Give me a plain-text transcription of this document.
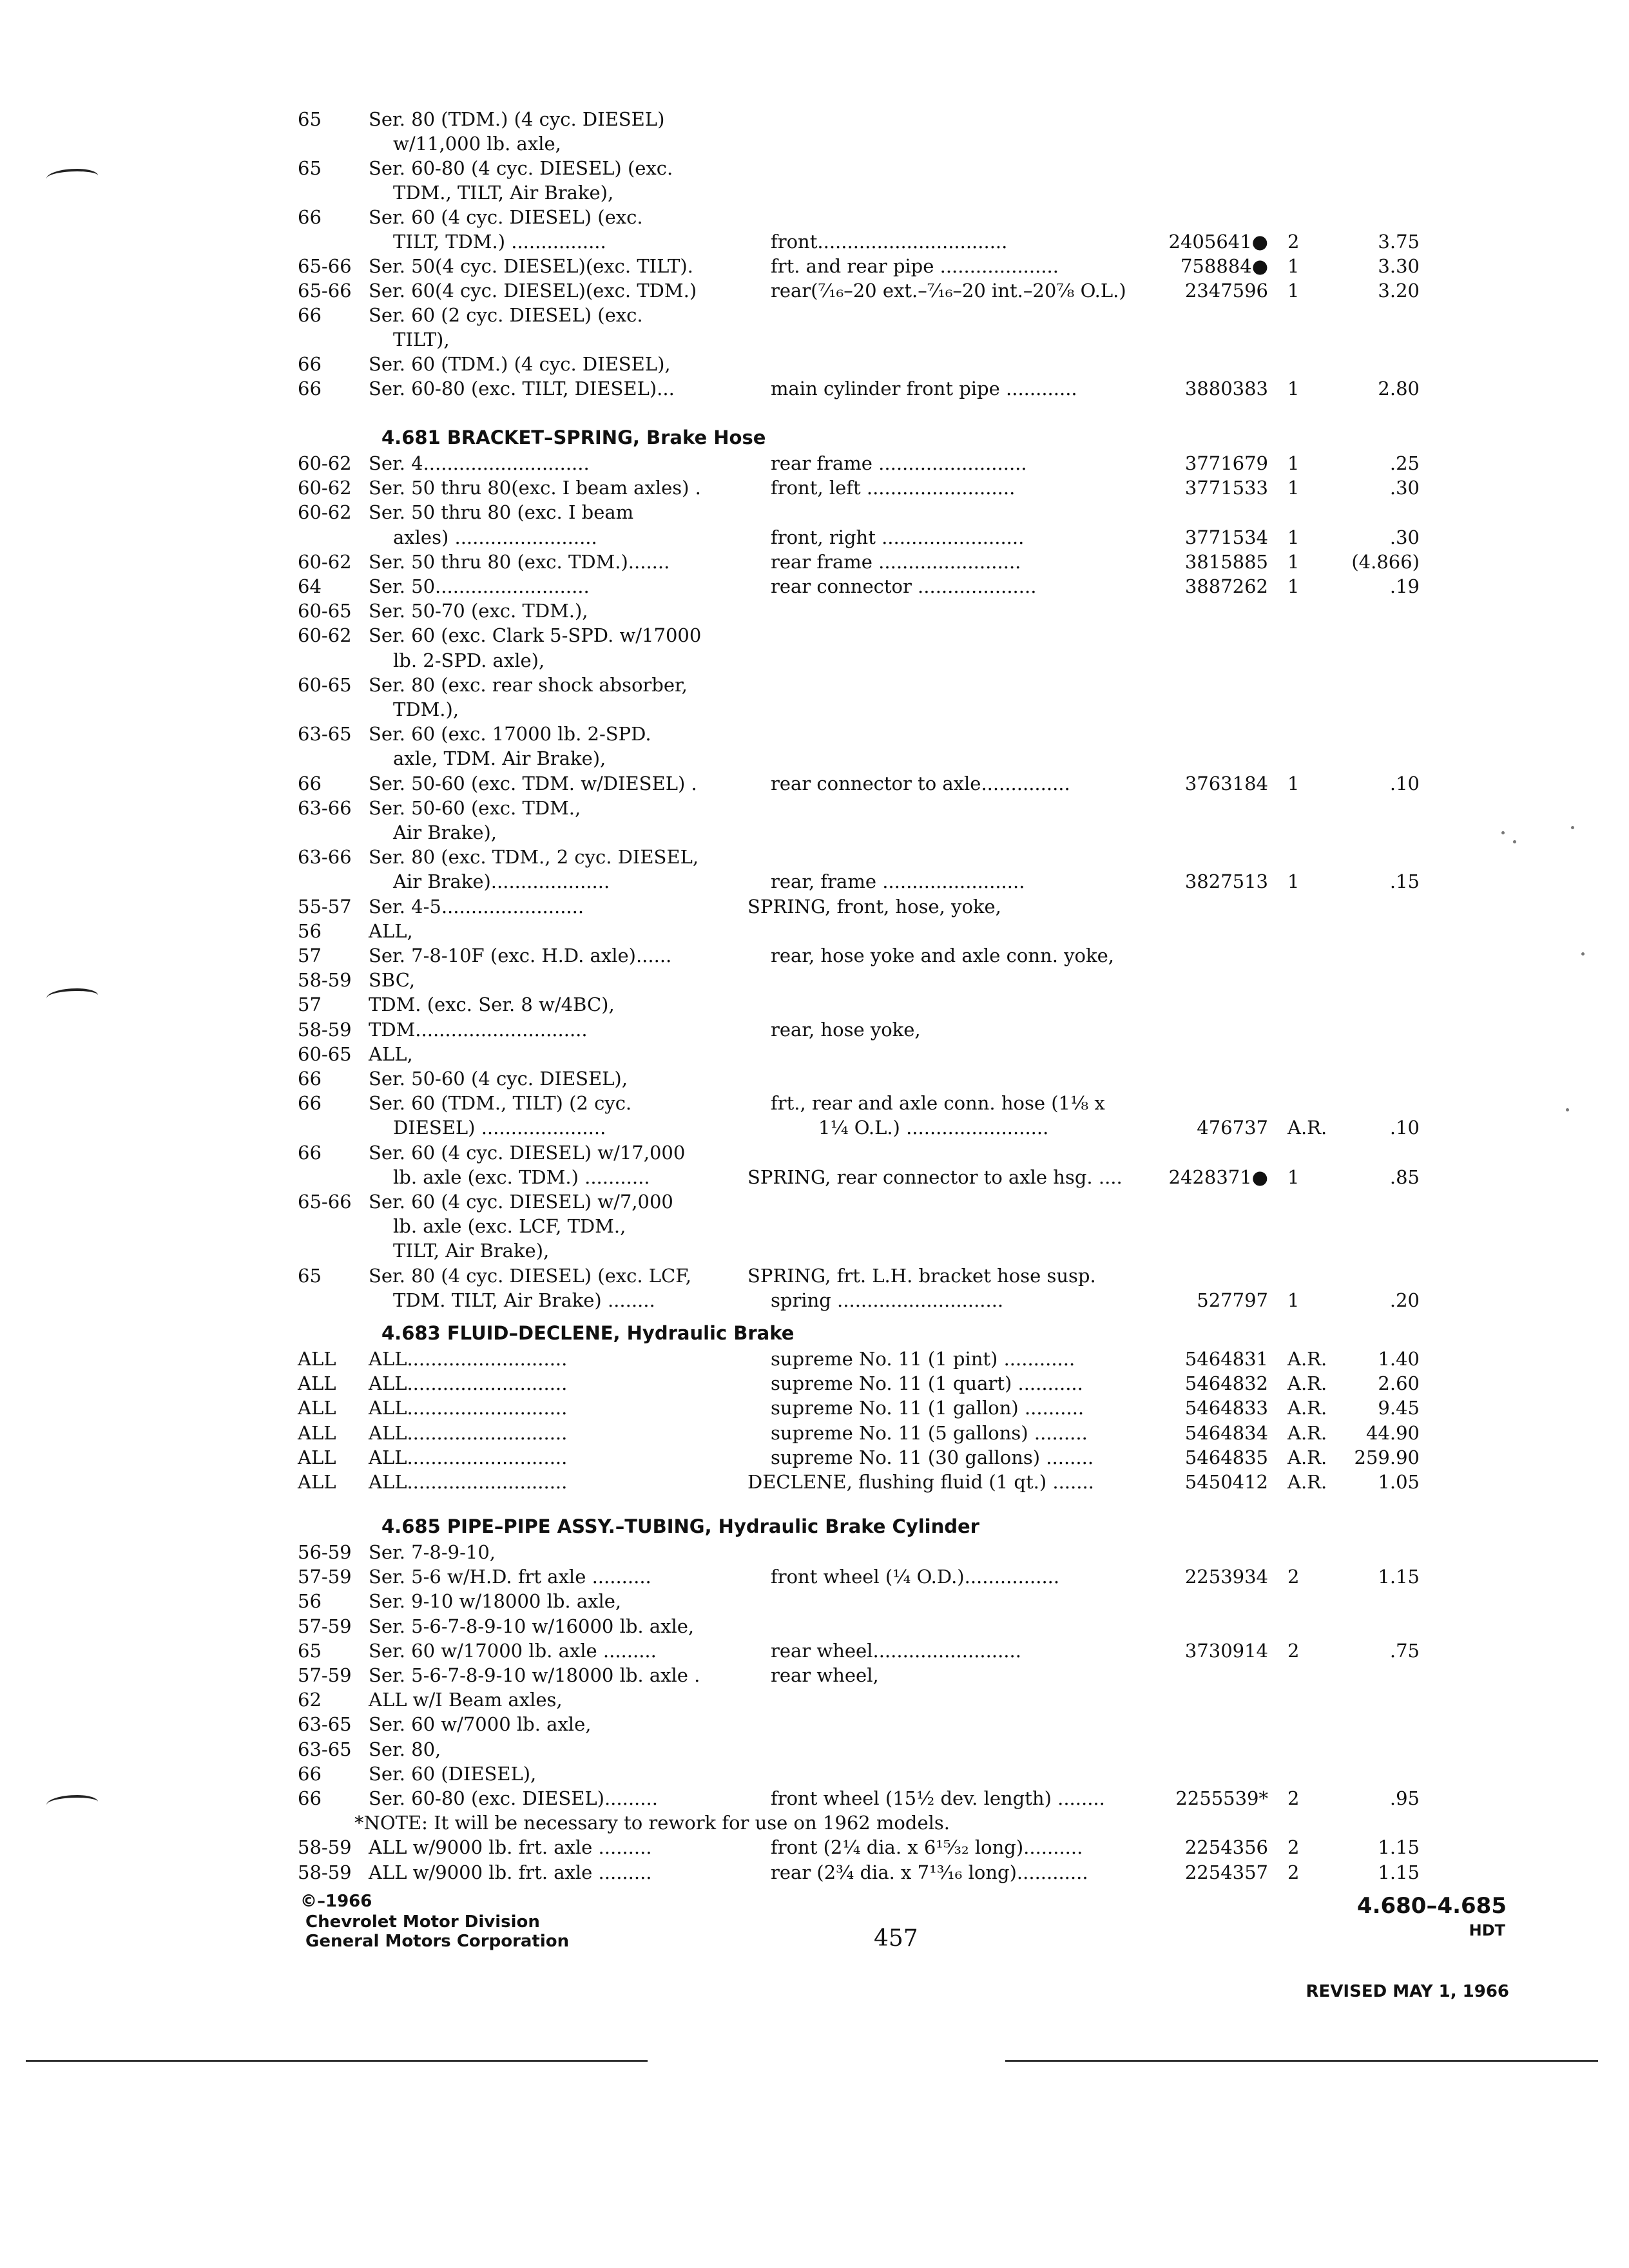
65	Ser. 80 (TDM.) (4 cyc. DIESEL)
w/11,000 lb. axle,
65	Ser. 60-80 (4 cyc. DIESEL) (exc.
TDM., TILT, Air Brake),
66	Ser. 60 (4 cyc. DIESEL) (exc.
TILT, TDM.) ................	front................................	2405641● 2	3.75
65-66 Ser. 50(4 cyc. DIESEL)(exc. TILT).	frt. and rear pipe ....................	758884● 1	3.30
65-66 Ser. 60(4 cyc. DIESEL)(exc. TDM.)	rear(⁷⁄₁₆–20 ext.–⁷⁄₁₆–20 int.–20⁷⁄₈ O.L.)	2347596 1	3.20
66	Ser. 60 (2 cyc. DIESEL) (exc.
TILT),
66	Ser. 60 (TDM.) (4 cyc. DIESEL),
66	Ser. 60-80 (exc. TILT, DIESEL)...	main cylinder front pipe ............	3880383 1	2.80
4.681 BRACKET–SPRING, Brake Hose
60-62 Ser. 4............................	rear frame .........................	3771679 1	.25
60-62 Ser. 50 thru 80(exc. I beam axles) .	front, left .........................	3771533 1	.30
60-62 Ser. 50 thru 80 (exc. I beam
axles) ........................	front, right ........................	3771534 1	.30
60-62 Ser. 50 thru 80 (exc. TDM.).......	rear frame ........................	3815885 1	(4.866)
64	Ser. 50..........................	rear connector ....................	3887262 1	.19
60-65 Ser. 50-70 (exc. TDM.),
60-62 Ser. 60 (exc. Clark 5-SPD. w/17000
lb. 2-SPD. axle),
60-65 Ser. 80 (exc. rear shock absorber,
TDM.),
63-65 Ser. 60 (exc. 17000 lb. 2-SPD.
axle, TDM. Air Brake),
66	Ser. 50-60 (exc. TDM. w/DIESEL) .	rear connector to axle...............	3763184 1	.10
63-66 Ser. 50-60 (exc. TDM.,
Air Brake),
63-66 Ser. 80 (exc. TDM., 2 cyc. DIESEL,
Air Brake)....................	rear, frame ........................	3827513 1	.15
55-57 Ser. 4-5........................	SPRING, front, hose, yoke,
56	ALL,
57	Ser. 7-8-10F (exc. H.D. axle)......	rear, hose yoke and axle conn. yoke,
58-59 SBC,
57	TDM. (exc. Ser. 8 w/4BC),
58-59 TDM.............................	rear, hose yoke,
60-65 ALL,
66	Ser. 50-60 (4 cyc. DIESEL),
66	Ser. 60 (TDM., TILT) (2 cyc.	frt., rear and axle conn. hose (1⅛ x
DIESEL) .....................	1¼ O.L.) ........................	476737 A.R.	.10
66	Ser. 60 (4 cyc. DIESEL) w/17,000
lb. axle (exc. TDM.) ...........	SPRING, rear connector to axle hsg. .... 2428371● 1	.85
65-66 Ser. 60 (4 cyc. DIESEL) w/7,000
lb. axle (exc. LCF, TDM.,
TILT, Air Brake),
65	Ser. 80 (4 cyc. DIESEL) (exc. LCF,	SPRING, frt. L.H. bracket hose susp.
TDM. TILT, Air Brake) ........	spring ............................	527797 1	.20
4.683 FLUID–DECLENE, Hydraulic Brake
ALL ALL...........................	supreme No. 11 (1 pint) ............	5464831 A.R.	1.40
ALL ALL...........................	supreme No. 11 (1 quart) ...........	5464832 A.R.	2.60
ALL ALL...........................	supreme No. 11 (1 gallon) ..........	5464833 A.R.	9.45
ALL ALL...........................	supreme No. 11 (5 gallons) .........	5464834 A.R. 44.90
ALL ALL...........................	supreme No. 11 (30 gallons) ........	5464835 A.R. 259.90
ALL ALL...........................	DECLENE, flushing fluid (1 qt.) .......	5450412 A.R.	1.05
4.685 PIPE–PIPE ASSY.–TUBING, Hydraulic Brake Cylinder
56-59 Ser. 7-8-9-10,
57-59 Ser. 5-6 w/H.D. frt axle ..........	front wheel (¼ O.D.)................	2253934 2	1.15
56	Ser. 9-10 w/18000 lb. axle,
57-59 Ser. 5-6-7-8-9-10 w/16000 lb. axle,
65	Ser. 60 w/17000 lb. axle .........	rear wheel.........................	3730914 2	.75
57-59 Ser. 5-6-7-8-9-10 w/18000 lb. axle .	rear wheel,
62	ALL w/I Beam axles,
63-65 Ser. 60 w/7000 lb. axle,
63-65 Ser. 80,
66	Ser. 60 (DIESEL),
66	Ser. 60-80 (exc. DIESEL).........	front wheel (15½ dev. length) ........	2255539* 2	.95
*NOTE: It will be necessary to rework for use on 1962 models.
58-59 ALL w/9000 lb. frt. axle .........	front (2¼ dia. x 6¹⁵⁄₃₂ long)..........	2254356 2	1.15
58-59 ALL w/9000 lb. frt. axle .........	rear (2¾ dia. x 7¹³⁄₁₆ long)............	2254357 2	1.15
©–1966
Chevrolet Motor Division
General Motors Corporation	457
4.680–4.685
HDT
REVISED MAY 1, 1966
